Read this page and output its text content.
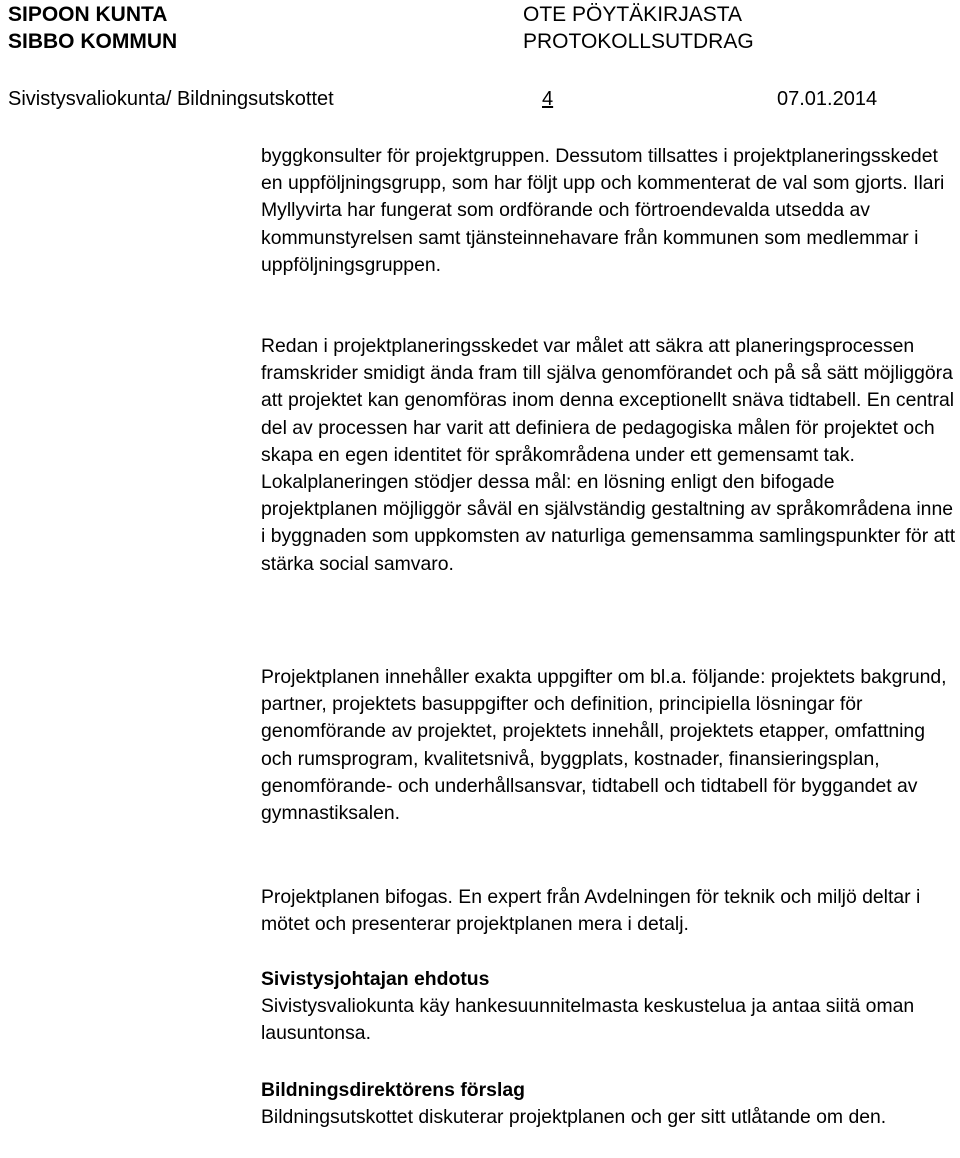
SIPOON KUNTA
SIBBO KOMMUN
OTE PÖYTÄKIRJASTA
PROTOKOLLSUTDRAG
Sivistysvaliokunta/ Bildningsutskottet	4	07.01.2014

byggkonsulter för projektgruppen. Dessutom tillsattes i projektplaneringsskedet en uppföljningsgrupp, som har följt upp och kommenterat de val som gjorts. Ilari Myllyvirta har fungerat som ordförande och förtroendevalda utsedda av kommunstyrelsen samt tjänsteinnehavare från kommunen som medlemmar i uppföljningsgruppen.

Redan i projektplaneringsskedet var målet att säkra att planeringsprocessen framskrider smidigt ända fram till själva genomförandet och på så sätt möjliggöra att projektet kan genomföras inom denna exceptionellt snäva tidtabell. En central del av processen har varit att definiera de pedagogiska målen för projektet och skapa en egen identitet för språkområdena under ett gemensamt tak. Lokalplaneringen stödjer dessa mål: en lösning enligt den bifogade projektplanen möjliggör såväl en självständig gestaltning av språkområdena inne i byggnaden som uppkomsten av naturliga gemensamma samlingspunkter för att stärka social samvaro.

Projektplanen innehåller exakta uppgifter om bl.a. följande: projektets bakgrund, partner, projektets basuppgifter och definition, principiella lösningar för genomförande av projektet, projektets innehåll, projektets etapper, omfattning och rumsprogram, kvalitetsnivå, byggplats, kostnader, finansieringsplan, genomförande- och underhållsansvar, tidtabell och tidtabell för byggandet av gymnastiksalen.

Projektplanen bifogas. En expert från Avdelningen för teknik och miljö deltar i mötet och presenterar projektplanen mera i detalj.

Sivistysjohtajan ehdotus

Sivistysvaliokunta käy hankesuunnitelmasta keskustelua ja antaa siitä oman lausuntonsa.

Bildningsdirektörens förslag

Bildningsutskottet diskuterar projektplanen och ger sitt utlåtande om den.
